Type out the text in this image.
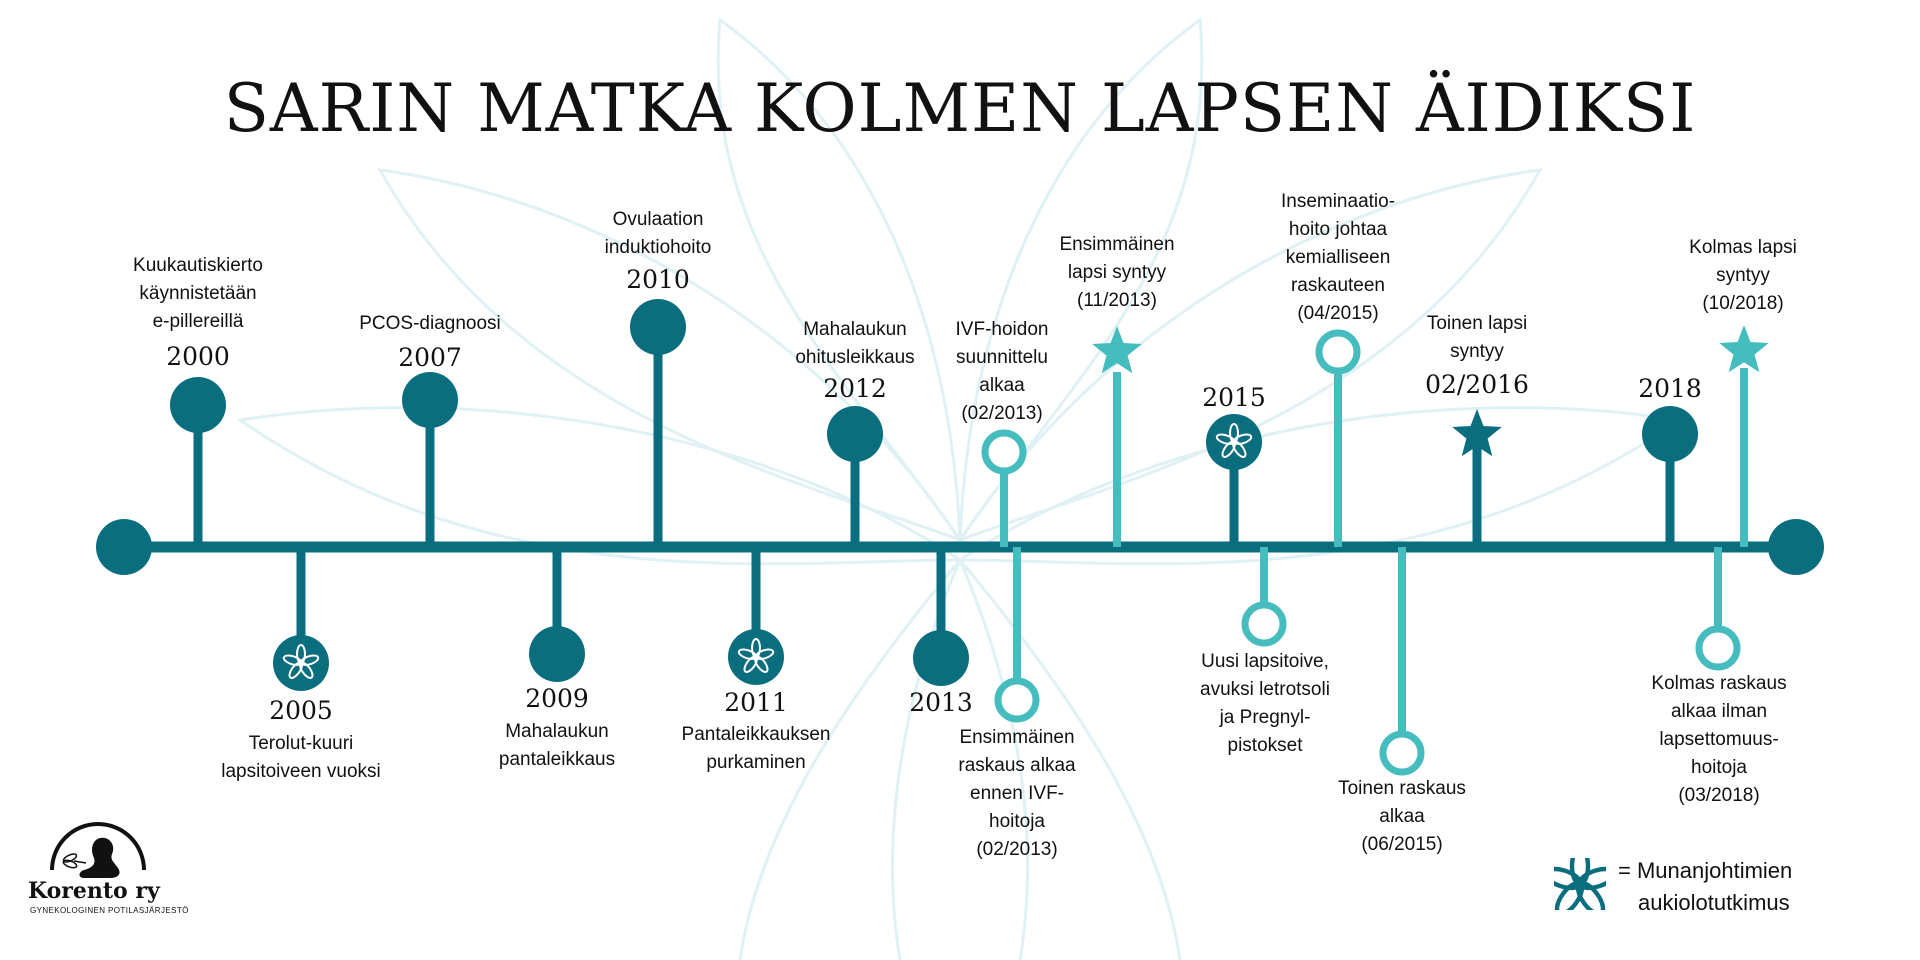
SARIN MATKA KOLMEN LAPSEN ÄIDIKSI
Kuukautiskierto
käynnistetään
e-pillereillä
2000
2005
Terolut-kuuri
lapsitoiveen vuoksi
PCOS-diagnoosi
2007
2009
Mahalaukun
pantaleikkaus
Ovulaation
induktiohoito
2010
2011
Pantaleikkauksen
purkaminen
Mahalaukun
ohitusleikkaus
2012
2013
IVF-hoidon
suunnittelu
alkaa
(02/2013)
Ensimmäinen
raskaus alkaa
ennen IVF-
hoitoja
(02/2013)
Ensimmäinen
lapsi syntyy
(11/2013)
2015
Uusi lapsitoive,
avuksi letrotsoli
ja Pregnyl-
pistokset
Inseminaatio-
hoito johtaa
kemialliseen
raskauteen
(04/2015)
Toinen raskaus
alkaa
(06/2015)
Toinen lapsi
syntyy
02/2016	2018
Kolmas raskaus
alkaa ilman
lapsettomuus-
hoitoja
(03/2018)
Kolmas lapsi
syntyy
(10/2018)
Korento ry
GYNEKOLOGINEN POTILASJÄRJESTÖ
= Munanjohtimien
aukiolotutkimus
